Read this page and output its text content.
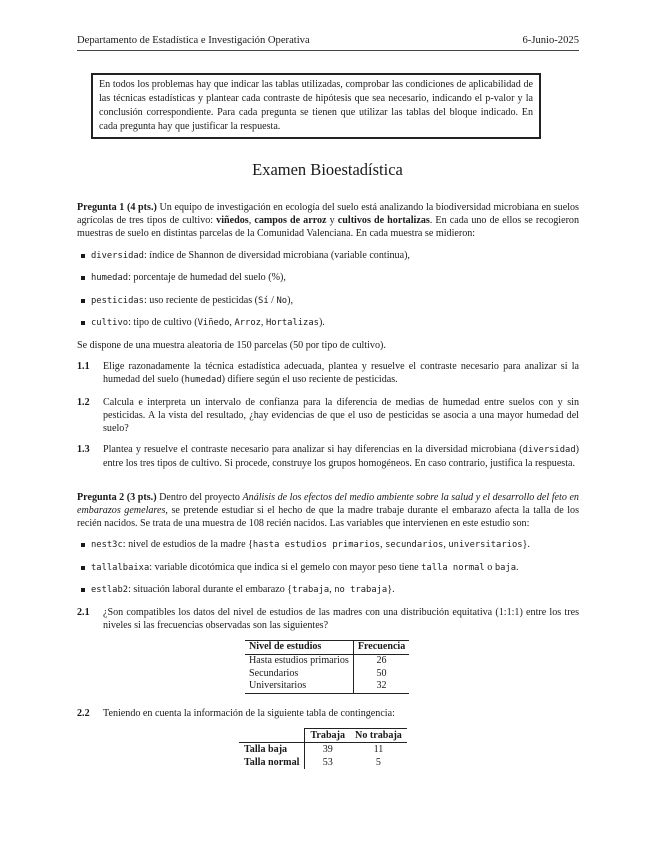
Departamento de Estadística e Investigación Operativa	6-Junio-2025
En todos los problemas hay que indicar las tablas utilizadas, comprobar las condiciones de aplicabilidad de las técnicas estadísticas y plantear cada contraste de hipótesis que sea necesario, indicando el p-valor y la conclusión correspondiente. Para cada pregunta se tienen que utilizar las tablas del bloque indicado. En cada pregunta hay que justificar la respuesta.
Examen Bioestadística

Pregunta 1 (4 pts.) Un equipo de investigación en ecología del suelo está analizando la biodiversidad microbiana en suelos agrícolas de tres tipos de cultivo: viñedos, campos de arroz y cultivos de hortalizas. En cada uno de ellos se recogieron muestras de suelo en distintas parcelas de la Comunidad Valenciana. En cada muestra se midieron:

diversidad: índice de Shannon de diversidad microbiana (variable continua),
humedad: porcentaje de humedad del suelo (%),
pesticidas: uso reciente de pesticidas (Sí / No),
cultivo: tipo de cultivo (Viñedo, Arroz, Hortalizas).

Se dispone de una muestra aleatoria de 150 parcelas (50 por tipo de cultivo).

1.1	Elige razonadamente la técnica estadística adecuada, plantea y resuelve el contraste necesario para analizar si la humedad del suelo (humedad) difiere según el uso reciente de pesticidas.
1.2	Calcula e interpreta un intervalo de confianza para la diferencia de medias de humedad entre suelos con y sin pesticidas. A la vista del resultado, ¿hay evidencias de que el uso de pesticidas se asocia a una mayor humedad del suelo?
1.3	Plantea y resuelve el contraste necesario para analizar si hay diferencias en la diversidad microbiana (diversidad) entre los tres tipos de cultivo. Si procede, construye los grupos homogéneos. En caso contrario, justifica la respuesta.

Pregunta 2 (3 pts.) Dentro del proyecto Análisis de los efectos del medio ambiente sobre la salud y el desarrollo del feto en embarazos gemelares, se pretende estudiar si el hecho de que la madre trabaje durante el embarazo afecta la talla de los recién nacidos. Se trata de una muestra de 108 recién nacidos. Las variables que intervienen en este estudio son:

nest3c: nivel de estudios de la madre {hasta estudios primarios, secundarios, universitarios}.
tallalbaixa: variable dicotómica que indica si el gemelo con mayor peso tiene talla normal o baja.
estlab2: situación laboral durante el embarazo {trabaja, no trabaja}.
2.1	¿Son compatibles los datos del nivel de estudios de las madres con una distribución equitativa (1:1:1) entre los tres niveles si las frecuencias observadas son las siguientes?
Nivel de estudios	Frecuencia
Hasta estudios primarios	26
Secundarios	50
Universitarios	32
2.2	Teniendo en cuenta la información de la siguiente tabla de contingencia:
	Trabaja	No trabaja
Talla baja	39	11
Talla normal	53	5
